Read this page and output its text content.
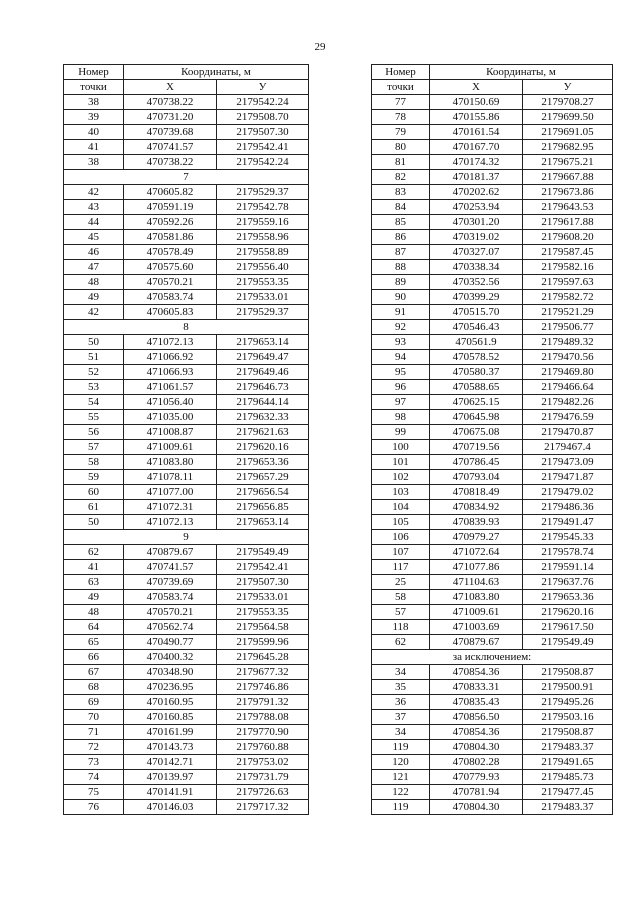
29
Номер	Координаты, м	
точки	X	У
38	470738.22	2179542.24
39	470731.20	2179508.70
40	470739.68	2179507.30
41	470741.57	2179542.41
38	470738.22	2179542.24
7		
42	470605.82	2179529.37
43	470591.19	2179542.78
44	470592.26	2179559.16
45	470581.86	2179558.96
46	470578.49	2179558.89
47	470575.60	2179556.40
48	470570.21	2179553.35
49	470583.74	2179533.01
42	470605.83	2179529.37
8		
50	471072.13	2179653.14
51	471066.92	2179649.47
52	471066.93	2179649.46
53	471061.57	2179646.73
54	471056.40	2179644.14
55	471035.00	2179632.33
56	471008.87	2179621.63
57	471009.61	2179620.16
58	471083.80	2179653.36
59	471078.11	2179657.29
60	471077.00	2179656.54
61	471072.31	2179656.85
50	471072.13	2179653.14
9		
62	470879.67	2179549.49
41	470741.57	2179542.41
63	470739.69	2179507.30
49	470583.74	2179533.01
48	470570.21	2179553.35
64	470562.74	2179564.58
65	470490.77	2179599.96
66	470400.32	2179645.28
67	470348.90	2179677.32
68	470236.95	2179746.86
69	470160.95	2179791.32
70	470160.85	2179788.08
71	470161.99	2179770.90
72	470143.73	2179760.88
73	470142.71	2179753.02
74	470139.97	2179731.79
75	470141.91	2179726.63
76	470146.03	2179717.32
Номер	Координаты, м	
точки	X	У
77	470150.69	2179708.27
78	470155.86	2179699.50
79	470161.54	2179691.05
80	470167.70	2179682.95
81	470174.32	2179675.21
82	470181.37	2179667.88
83	470202.62	2179673.86
84	470253.94	2179643.53
85	470301.20	2179617.88
86	470319.02	2179608.20
87	470327.07	2179587.45
88	470338.34	2179582.16
89	470352.56	2179597.63
90	470399.29	2179582.72
91	470515.70	2179521.29
92	470546.43	2179506.77
93	470561.9	2179489.32
94	470578.52	2179470.56
95	470580.37	2179469.80
96	470588.65	2179466.64
97	470625.15	2179482.26
98	470645.98	2179476.59
99	470675.08	2179470.87
100	470719.56	2179467.4
101	470786.45	2179473.09
102	470793.04	2179471.87
103	470818.49	2179479.02
104	470834.92	2179486.36
105	470839.93	2179491.47
106	470979.27	2179545.33
107	471072.64	2179578.74
117	471077.86	2179591.14
25	471104.63	2179637.76
58	471083.80	2179653.36
57	471009.61	2179620.16
118	471003.69	2179617.50
62	470879.67	2179549.49
за исключением:		
34	470854.36	2179508.87
35	470833.31	2179500.91
36	470835.43	2179495.26
37	470856.50	2179503.16
34	470854.36	2179508.87
119	470804.30	2179483.37
120	470802.28	2179491.65
121	470779.93	2179485.73
122	470781.94	2179477.45
119	470804.30	2179483.37
